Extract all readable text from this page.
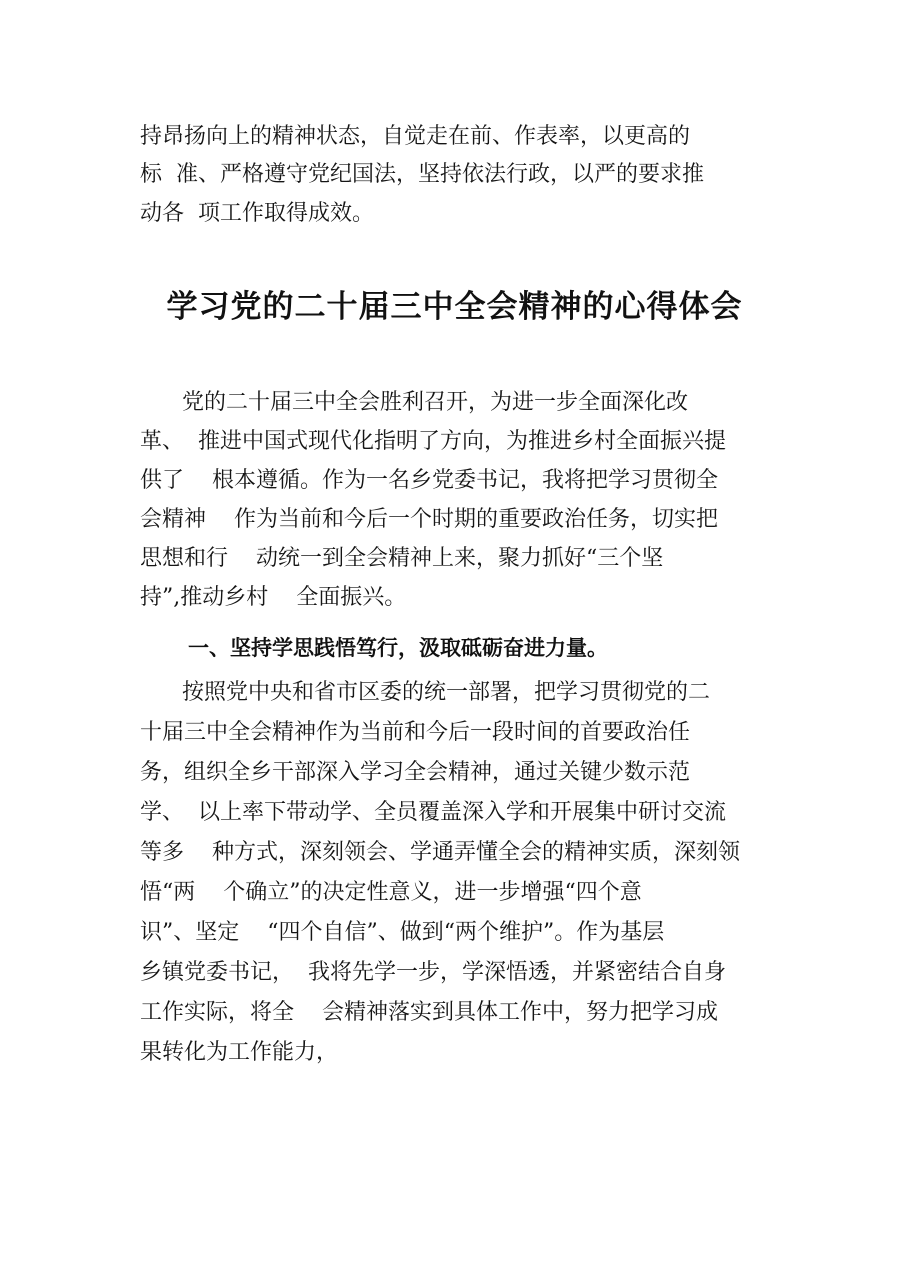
持昂扬向上的精神状态，自觉走在前、作表率，以更高的
标  准、严格遵守党纪国法，坚持依法行政，以严的要求推
动各  项工作取得成效。
学习党的二十届三中全会精神的心得体会
党的二十届三中全会胜利召开，为进一步全面深化改
革、  推进中国式现代化指明了方向，为推进乡村全面振兴提
供了    根本遵循。作为一名乡党委书记，我将把学习贯彻全
会精神    作为当前和今后一个时期的重要政治任务，切实把
思想和行    动统一到全会精神上来，聚力抓好“三个坚
持”,推动乡村    全面振兴。
一、坚持学思践悟笃行，汲取砥砺奋进力量。
按照党中央和省市区委的统一部署，把学习贯彻党的二
十届三中全会精神作为当前和今后一段时间的首要政治任
务，组织全乡干部深入学习全会精神，通过关键少数示范
学、  以上率下带动学、全员覆盖深入学和开展集中研讨交流
等多    种方式，深刻领会、学通弄懂全会的精神实质，深刻领
悟“两    个确立”的决定性意义，进一步增强“四个意
识”、坚定    “四个自信”、做到“两个维护”。作为基层
乡镇党委书记，  我将先学一步，学深悟透，并紧密结合自身
工作实际，将全    会精神落实到具体工作中，努力把学习成
果转化为工作能力，
